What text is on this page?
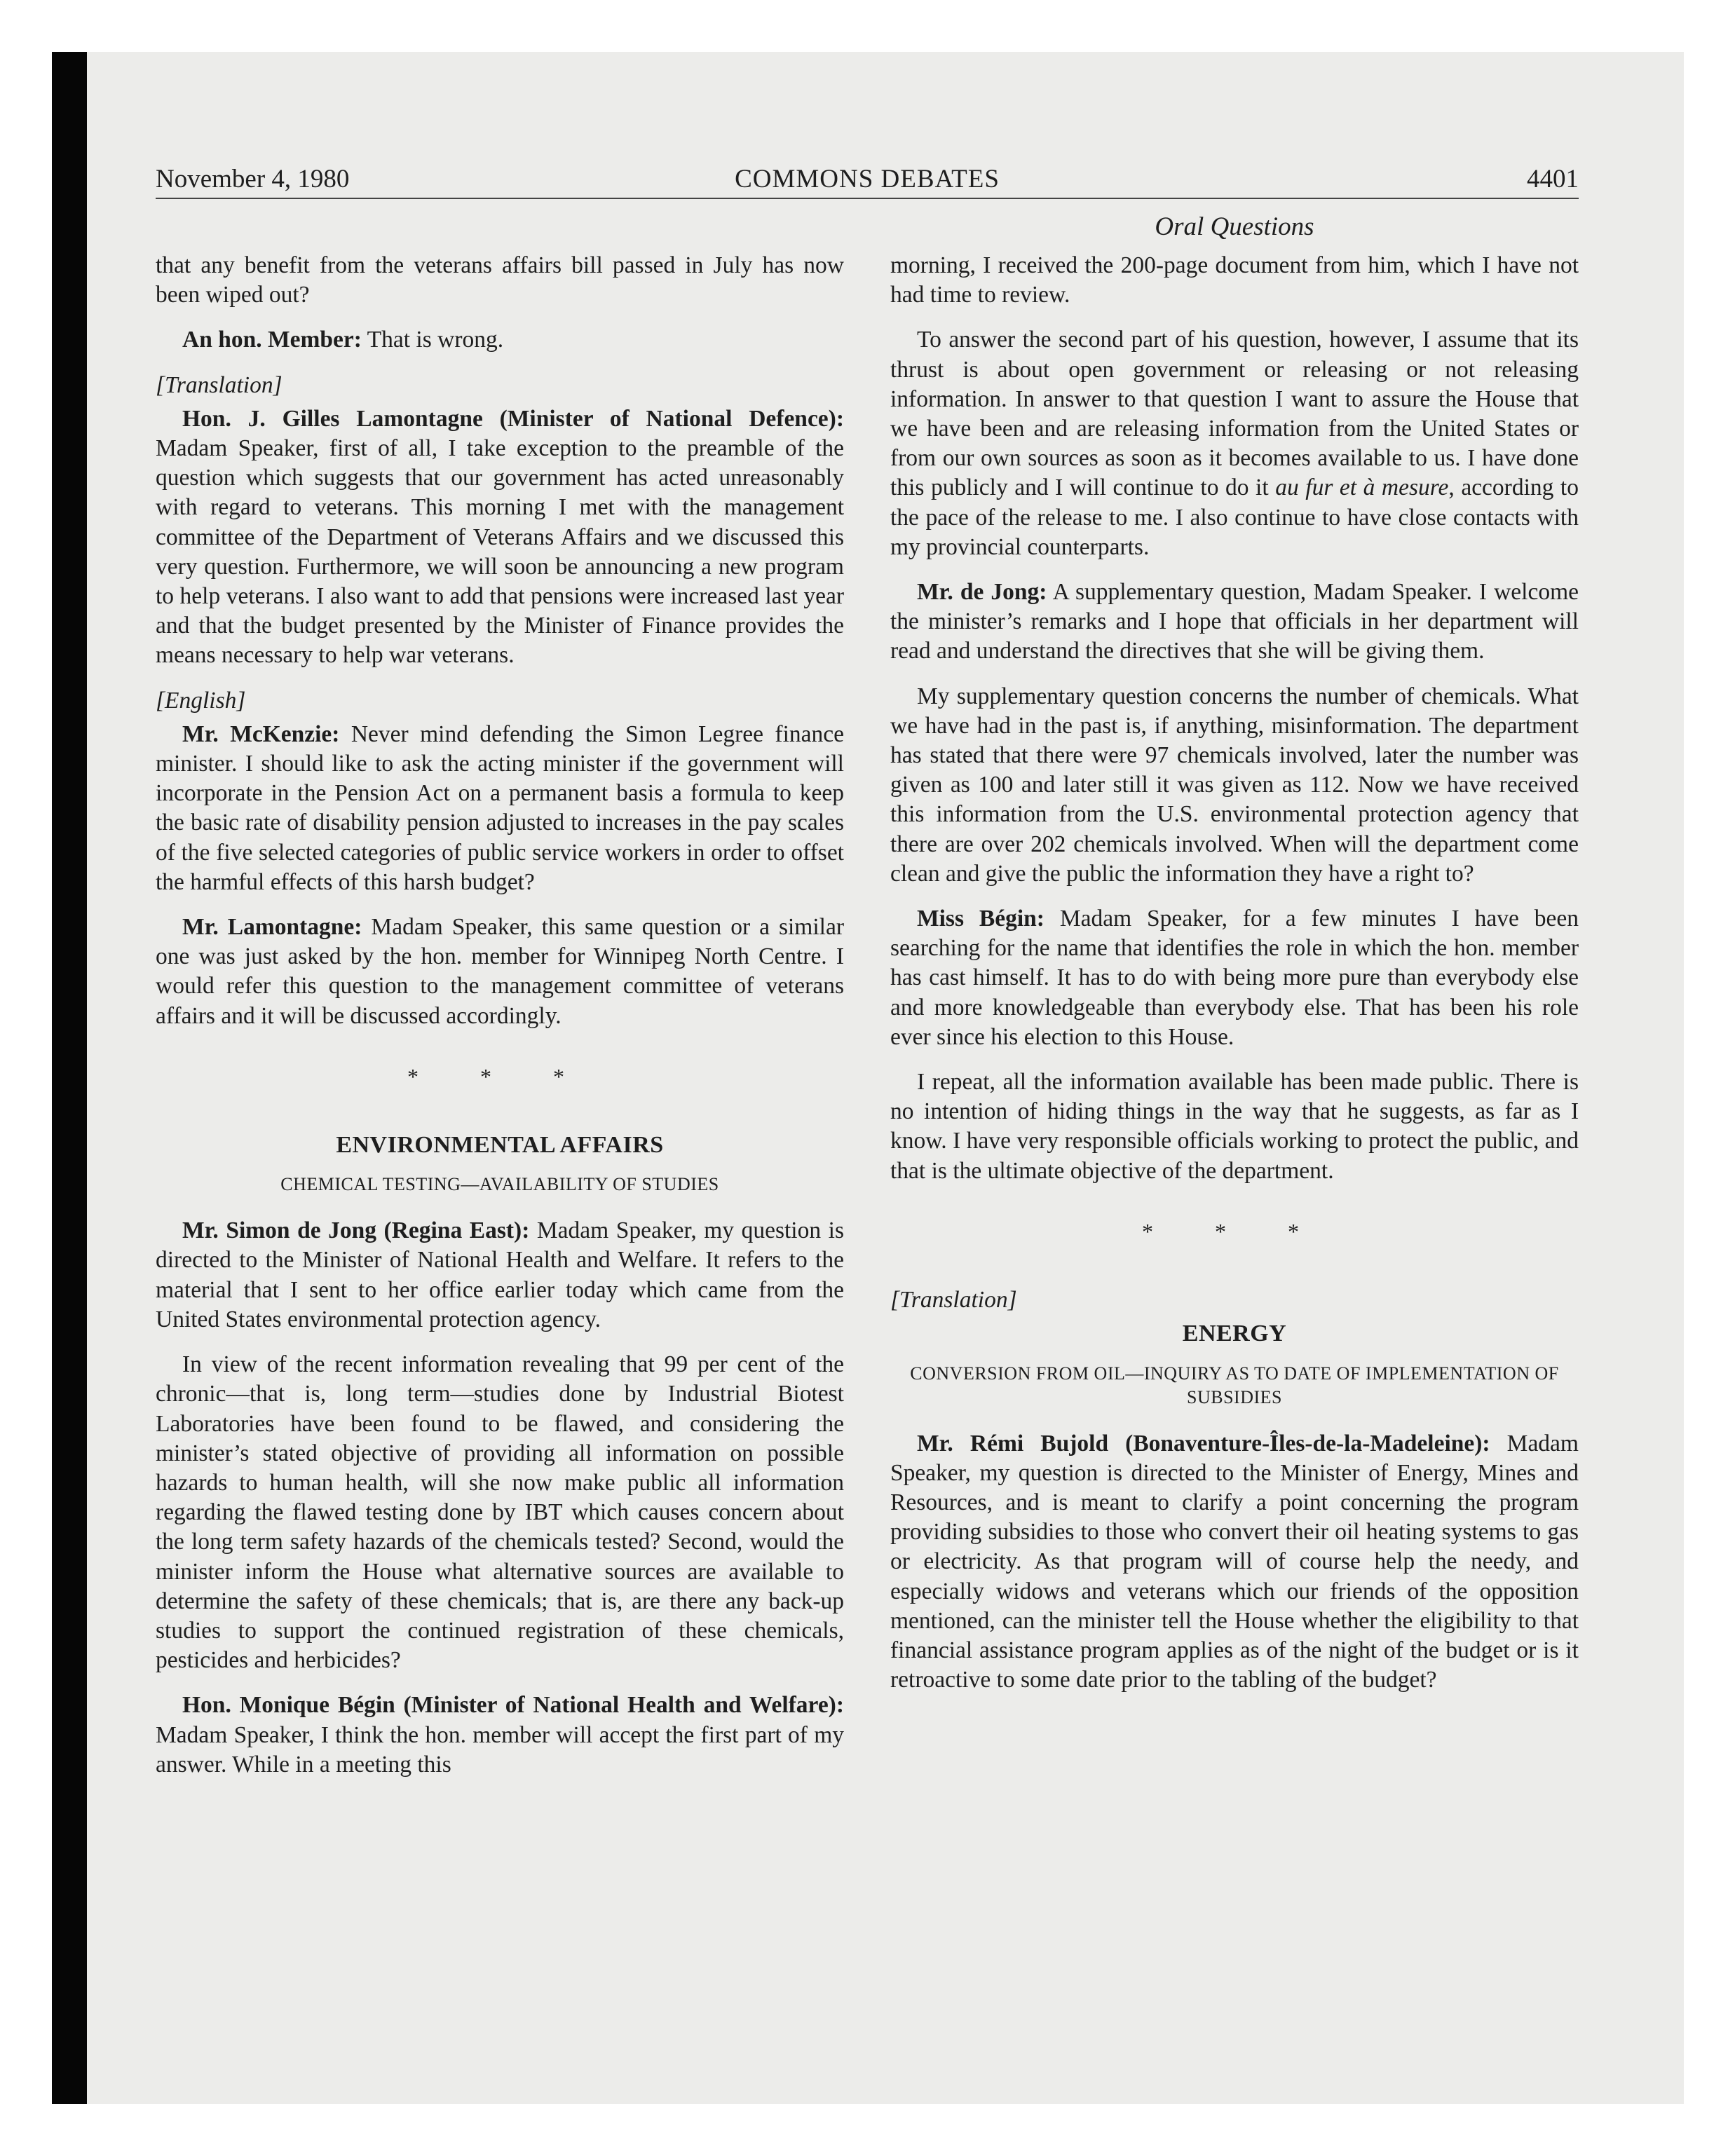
November 4, 1980	COMMONS DEBATES	4401
Oral Questions

that any benefit from the veterans affairs bill passed in July has now been wiped out?

An hon. Member: That is wrong.

[Translation]

Hon. J. Gilles Lamontagne (Minister of National Defence): Madam Speaker, first of all, I take exception to the preamble of the question which suggests that our government has acted unreasonably with regard to veterans. This morning I met with the management committee of the Department of Veterans Affairs and we discussed this very question. Furthermore, we will soon be announcing a new program to help veterans. I also want to add that pensions were increased last year and that the budget presented by the Minister of Finance provides the means necessary to help war veterans.

[English]

Mr. McKenzie: Never mind defending the Simon Legree finance minister. I should like to ask the acting minister if the government will incorporate in the Pension Act on a permanent basis a formula to keep the basic rate of disability pension adjusted to increases in the pay scales of the five selected categories of public service workers in order to offset the harmful effects of this harsh budget?

Mr. Lamontagne: Madam Speaker, this same question or a similar one was just asked by the hon. member for Winnipeg North Centre. I would refer this question to the management committee of veterans affairs and it will be discussed accordingly.

* * *
ENVIRONMENTAL AFFAIRS
CHEMICAL TESTING—AVAILABILITY OF STUDIES

Mr. Simon de Jong (Regina East): Madam Speaker, my question is directed to the Minister of National Health and Welfare. It refers to the material that I sent to her office earlier today which came from the United States environmental protection agency.

In view of the recent information revealing that 99 per cent of the chronic—that is, long term—studies done by Industrial Biotest Laboratories have been found to be flawed, and considering the minister’s stated objective of providing all information on possible hazards to human health, will she now make public all information regarding the flawed testing done by IBT which causes concern about the long term safety hazards of the chemicals tested? Second, would the minister inform the House what alternative sources are available to determine the safety of these chemicals; that is, are there any back-up studies to support the continued registration of these chemicals, pesticides and herbicides?

Hon. Monique Bégin (Minister of National Health and Welfare): Madam Speaker, I think the hon. member will accept the first part of my answer. While in a meeting this

morning, I received the 200-page document from him, which I have not had time to review.

To answer the second part of his question, however, I assume that its thrust is about open government or releasing or not releasing information. In answer to that question I want to assure the House that we have been and are releasing information from the United States or from our own sources as soon as it becomes available to us. I have done this publicly and I will continue to do it au fur et à mesure, according to the pace of the release to me. I also continue to have close contacts with my provincial counterparts.

Mr. de Jong: A supplementary question, Madam Speaker. I welcome the minister’s remarks and I hope that officials in her department will read and understand the directives that she will be giving them.

My supplementary question concerns the number of chemicals. What we have had in the past is, if anything, misinformation. The department has stated that there were 97 chemicals involved, later the number was given as 100 and later still it was given as 112. Now we have received this information from the U.S. environmental protection agency that there are over 202 chemicals involved. When will the department come clean and give the public the information they have a right to?

Miss Bégin: Madam Speaker, for a few minutes I have been searching for the name that identifies the role in which the hon. member has cast himself. It has to do with being more pure than everybody else and more knowledgeable than everybody else. That has been his role ever since his election to this House.

I repeat, all the information available has been made public. There is no intention of hiding things in the way that he suggests, as far as I know. I have very responsible officials working to protect the public, and that is the ultimate objective of the department.

* * *

[Translation]

ENERGY
CONVERSION FROM OIL—INQUIRY AS TO DATE OF IMPLEMENTATION OF SUBSIDIES

Mr. Rémi Bujold (Bonaventure-Îles-de-la-Madeleine): Madam Speaker, my question is directed to the Minister of Energy, Mines and Resources, and is meant to clarify a point concerning the program providing subsidies to those who convert their oil heating systems to gas or electricity. As that program will of course help the needy, and especially widows and veterans which our friends of the opposition mentioned, can the minister tell the House whether the eligibility to that financial assistance program applies as of the night of the budget or is it retroactive to some date prior to the tabling of the budget?
